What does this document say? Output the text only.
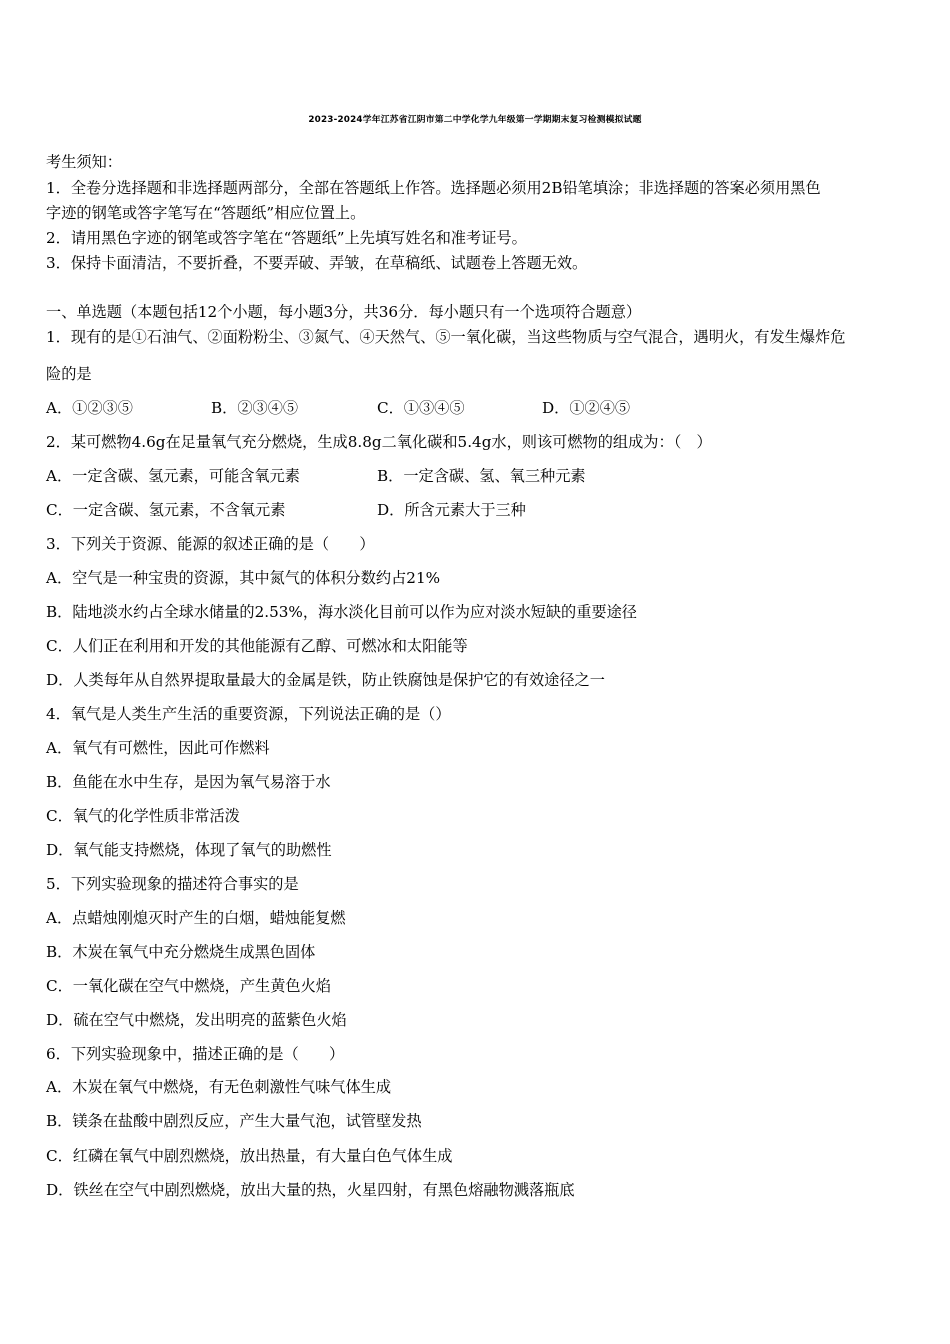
2023-2024学年江苏省江阴市第二中学化学九年级第一学期期末复习检测模拟试题
考生须知：
1．全卷分选择题和非选择题两部分，全部在答题纸上作答。选择题必须用2B铅笔填涂；非选择题的答案必须用黑色
字迹的钢笔或答字笔写在“答题纸”相应位置上。
2．请用黑色字迹的钢笔或答字笔在“答题纸”上先填写姓名和准考证号。
3．保持卡面清洁，不要折叠，不要弄破、弄皱，在草稿纸、试题卷上答题无效。
一、单选题（本题包括12个小题，每小题3分，共36分．每小题只有一个选项符合题意）
1．现有的是①石油气、②面粉粉尘、③氮气、④天然气、⑤一氧化碳，当这些物质与空气混合，遇明火，有发生爆炸危
险的是
A．①②③⑤	B．②③④⑤	C．①③④⑤	D．①②④⑤
2．某可燃物4.6g在足量氧气充分燃烧，生成8.8g二氧化碳和5.4g水，则该可燃物的组成为：（　）
A．一定含碳、氢元素，可能含氧元素	B．一定含碳、氢、氧三种元素
C．一定含碳、氢元素，不含氧元素	D．所含元素大于三种
3．下列关于资源、能源的叙述正确的是（　　）
A．空气是一种宝贵的资源，其中氮气的体积分数约占21%
B．陆地淡水约占全球水储量的2.53%，海水淡化目前可以作为应对淡水短缺的重要途径
C．人们正在利用和开发的其他能源有乙醇、可燃冰和太阳能等
D．人类每年从自然界提取量最大的金属是铁，防止铁腐蚀是保护它的有效途径之一
4．氧气是人类生产生活的重要资源，下列说法正确的是（）
A．氧气有可燃性，因此可作燃料
B．鱼能在水中生存，是因为氧气易溶于水
C．氧气的化学性质非常活泼
D．氧气能支持燃烧，体现了氧气的助燃性
5．下列实验现象的描述符合事实的是
A．点蜡烛刚熄灭时产生的白烟，蜡烛能复燃
B．木炭在氧气中充分燃烧生成黑色固体
C．一氧化碳在空气中燃烧，产生黄色火焰
D．硫在空气中燃烧，发出明亮的蓝紫色火焰
6．下列实验现象中，描述正确的是（　　）
A．木炭在氧气中燃烧，有无色刺激性气味气体生成
B．镁条在盐酸中剧烈反应，产生大量气泡，试管壁发热
C．红磷在氧气中剧烈燃烧，放出热量，有大量白色气体生成
D．铁丝在空气中剧烈燃烧，放出大量的热，火星四射，有黑色熔融物溅落瓶底
